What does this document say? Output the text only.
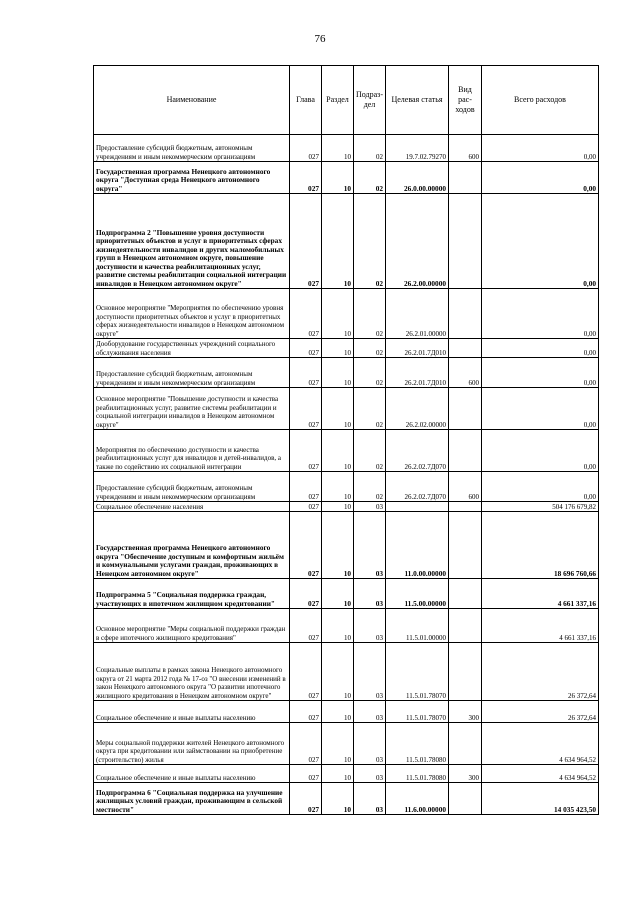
76
Наименование	Глава	Раздел	Подраз-дел	Целевая статья	Вид рас-ходов	Всего расходов
Предоставление субсидий бюджетным, автономным учреждениям и иным некоммерческим организациям	027	10	02	19.7.02.79270	600	0,00
Государственная программа Ненецкого автономного округа "Доступная среда Ненецкого автономного округа"	027	10	02	26.0.00.00000		0,00
Подпрограмма 2 "Повышение уровня доступности приоритетных объектов и услуг в приоритетных сферах жизнедеятельности инвалидов и других маломобильных групп в Ненецком автономном округе, повышение доступности и качества реабилитационных услуг, развитие системы реабилитации социальной интеграции инвалидов в Ненецком автономном округе"	027	10	02	26.2.00.00000		0,00
Основное мероприятие "Мероприятия по обеспечению уровня доступности приоритетных объектов и услуг в приоритетных сферах жизнедеятельности инвалидов в Ненецком автономном округе"	027	10	02	26.2.01.00000		0,00
Дооборудование государственных учреждений социального обслуживания населения	027	10	02	26.2.01.7Д010		0,00
Предоставление субсидий бюджетным, автономным учреждениям и иным некоммерческим организациям	027	10	02	26.2.01.7Д010	600	0,00
Основное мероприятие "Повышение доступности и качества реабилитационных услуг, развитие системы реабилитации и социальной интеграции инвалидов в Ненецком автономном округе"	027	10	02	26.2.02.00000		0,00
Мероприятия по обеспечению доступности и качества реабилитационных услуг для инвалидов и детей-инвалидов, а также по содействию их социальной интеграции	027	10	02	26.2.02.7Д070		0,00
Предоставление субсидий бюджетным, автономным учреждениям и иным некоммерческим организациям	027	10	02	26.2.02.7Д070	600	0,00
Социальное обеспечение населения	027	10	03			504 176 679,82
Государственная программа Ненецкого автономного округа "Обеспечение доступным и комфортным жильём и коммунальными услугами граждан, проживающих в Ненецком автономном округе"	027	10	03	11.0.00.00000		18 696 760,66
Подпрограмма 5 "Социальная поддержка граждан, участвующих в ипотечном жилищном кредитовании"	027	10	03	11.5.00.00000		4 661 337,16
Основное мероприятие "Меры социальной поддержки граждан в сфере ипотечного жилищного кредитования"	027	10	03	11.5.01.00000		4 661 337,16
Социальные выплаты в рамках закона Ненецкого автономного округа от 21 марта 2012 года № 17-оз "О внесении изменений в закон Ненецкого автономного округа "О развитии ипотечного жилищного кредитования в Ненецком автономном округе"	027	10	03	11.5.01.78070		26 372,64
Социальное обеспечение и иные выплаты населению	027	10	03	11.5.01.78070	300	26 372,64
Меры социальной поддержки жителей Ненецкого автономного округа при кредитовании или займствовании на приобретение (строительство) жилья	027	10	03	11.5.01.78080		4 634 964,52
Социальное обеспечение и иные выплаты населению	027	10	03	11.5.01.78080	300	4 634 964,52
Подпрограмма 6 "Социальная поддержка на улучшение жилищных условий граждан, проживающим в сельской местности"	027	10	03	11.6.00.00000		14 035 423,50
